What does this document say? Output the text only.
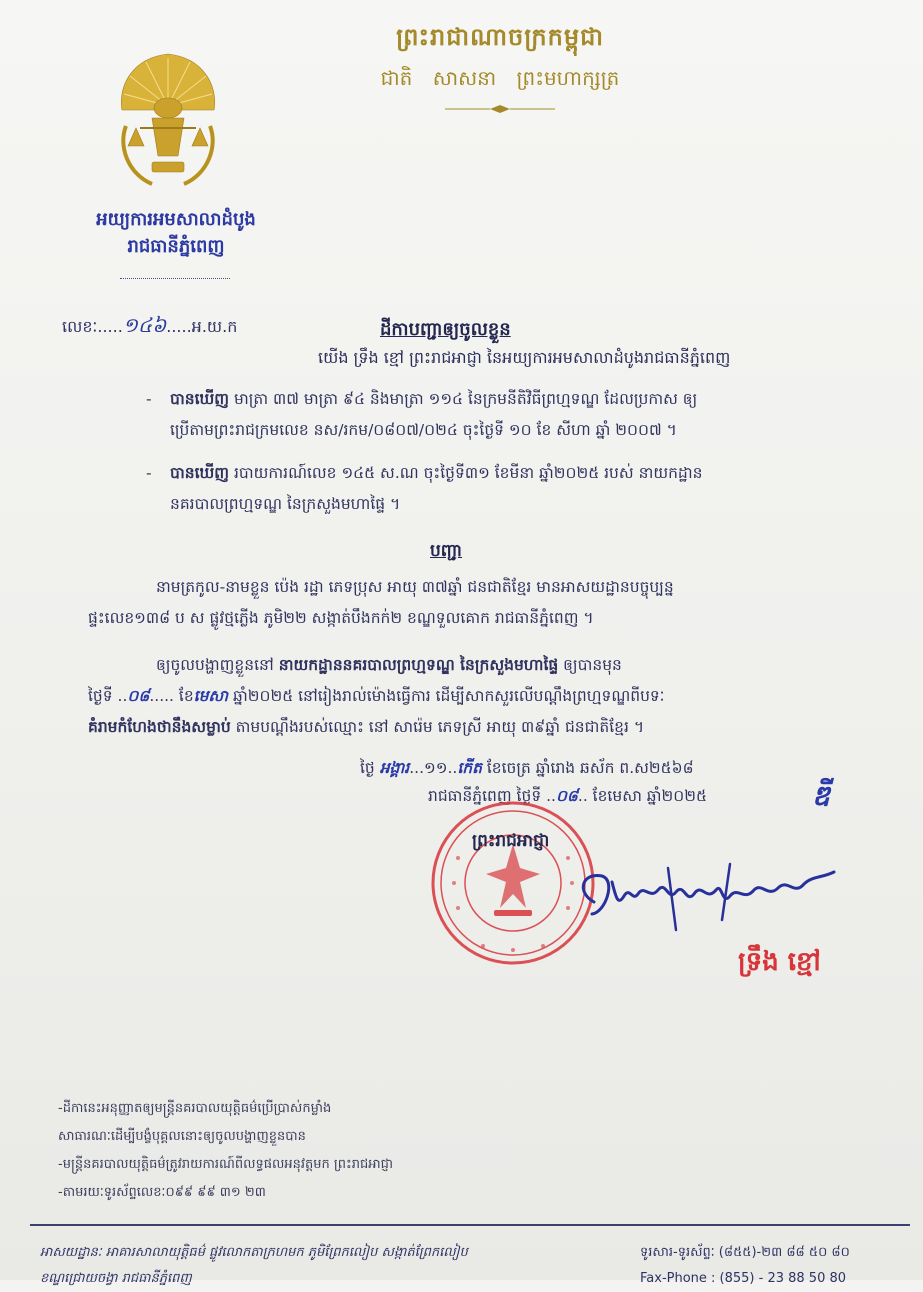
ព្រះរាជាណាចក្រកម្ពុជា
ជាតិ សាសនា ព្រះមហាក្សត្រ
អយ្យការអមសាលាដំបូង
រាជធានីភ្នំពេញ
លេខៈ.....១៤៦.....អ.យ.ក	ដីកាបញ្ជាឲ្យចូលខ្លួន
យើង ទ្រឹង ខ្មៅ ព្រះរាជអាជ្ញា នៃអយ្យការអមសាលាដំបូងរាជធានីភ្នំពេញ
- បានឃើញ មាត្រា ៣៧ មាត្រា ៩៤ និងមាត្រា ១១៤ នៃក្រមនីតិវិធីព្រហ្មទណ្ឌ ដែលប្រកាស ឲ្យ
ប្រើតាមព្រះរាជក្រមលេខ នស/រកម/០៨០៧/០២៤ ចុះថ្ងៃទី ១០ ខែ សីហា ឆ្នាំ ២០០៧ ។
- បានឃើញ របាយការណ៍លេខ ១៤៥ ស.ណ ចុះថ្ងៃទី៣១ ខែមីនា ឆ្នាំ២០២៥ របស់ នាយកដ្ឋាន
នគរបាលព្រហ្មទណ្ឌ នៃក្រសួងមហាផ្ទៃ ។
បញ្ជា
នាមត្រកូល-នាមខ្លួន ប៉េង រដ្ឋា ភេទប្រុស អាយុ ៣៧ឆ្នាំ ជនជាតិខ្មែរ មានអាសយដ្ឋានបច្ចុប្បន្ន
ផ្ទះលេខ១៣៨ ប ស ផ្លូវថ្មភ្លើង ភូមិ២២ សង្កាត់បឹងកក់២ ខណ្ឌទួលគោក រាជធានីភ្នំពេញ ។
ឲ្យចូលបង្ហាញខ្លួននៅ នាយកដ្ឋាននគរបាលព្រហ្មទណ្ឌ នៃក្រសួងមហាផ្ទៃ ឲ្យបានមុន
ថ្ងៃទី ..០៨..... ខែមេសា ឆ្នាំ២០២៥ នៅរៀងរាល់ម៉ោងធ្វើការ ដើម្បីសាកសួរលើបណ្ដឹងព្រហ្មទណ្ឌពីបទៈ
គំរាមកំហែងថានឹងសម្លាប់ តាមបណ្ដឹងរបស់ឈ្មោះ នៅ សារ៉េម ភេទស្រី អាយុ ៣៩ឆ្នាំ ជនជាតិខ្មែរ ។
ថ្ងៃ អង្គារ...១១..កើត ខែចេត្រ ឆ្នាំរោង ឆស័ក ព.ស២៥៦៨
រាជធានីភ្នំពេញ ថ្ងៃទី ..០៨.. ខែមេសា ឆ្នាំ២០២៥	ឌី
ព្រះរាជអាជ្ញា
ទ្រឹង ខ្មៅ
-ដីកានេះអនុញ្ញាតឲ្យមន្ត្រីនគរបាលយុត្តិធម៌ប្រើប្រាស់កម្លាំង
សាធារណៈដើម្បីបង្ខំបុគ្គលនោះឲ្យចូលបង្ហាញខ្លួនបាន
-មន្ត្រីនគរបាលយុត្តិធម៌ត្រូវរាយការណ៍ពីលទ្ធផលអនុវត្តមក ព្រះរាជអាជ្ញា
-តាមរយៈទូរស័ព្ទលេខៈ០៩៩ ៩៩ ៣១ ២៣
អាសយដ្ឋានៈ អាគារសាលាយុត្តិធម៌ ផ្លូវលោកតាក្រហមក ភូមិព្រែកលៀប សង្កាត់ព្រែកលៀប
ខណ្ឌជ្រោយចង្វា រាជធានីភ្នំពេញ
ទូរសារ-ទូរស័ព្ទៈ (៨៥៥)-២៣ ៨៨ ៥០ ៨០
Fax-Phone : (855) - 23 88 50 80
